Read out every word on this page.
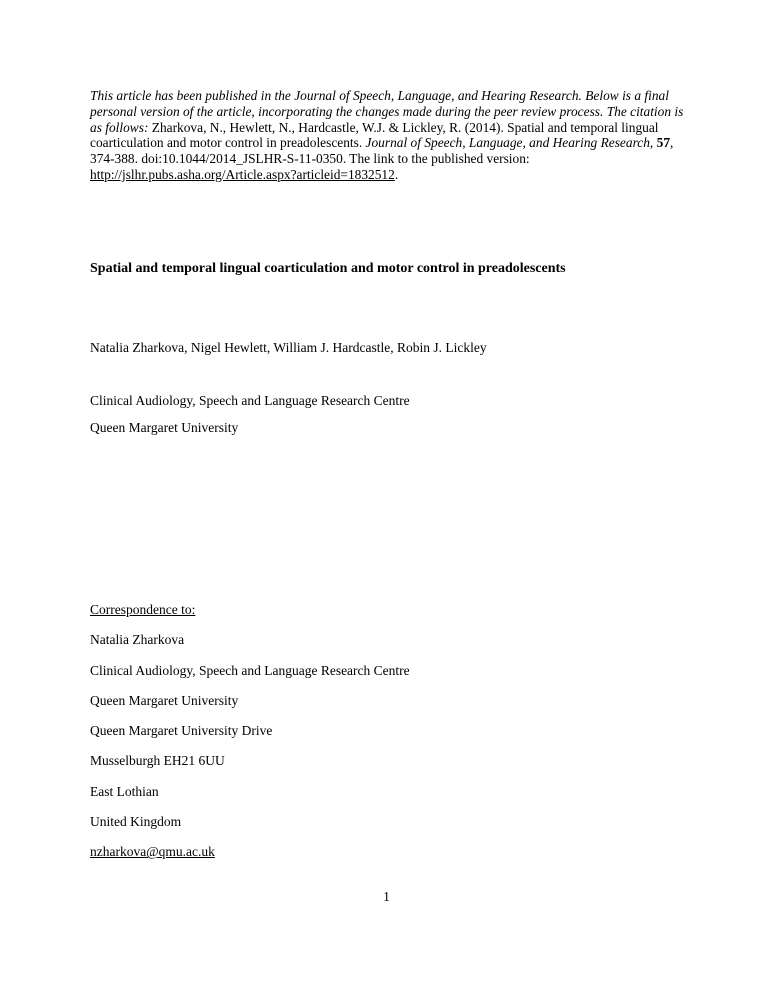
This article has been published in the Journal of Speech, Language, and Hearing Research. Below is a final personal version of the article, incorporating the changes made during the peer review process. The citation is as follows: Zharkova, N., Hewlett, N., Hardcastle, W.J. & Lickley, R. (2014). Spatial and temporal lingual coarticulation and motor control in preadolescents. Journal of Speech, Language, and Hearing Research, 57, 374-388. doi:10.1044/2014_JSLHR-S-11-0350. The link to the published version: http://jslhr.pubs.asha.org/Article.aspx?articleid=1832512.

Spatial and temporal lingual coarticulation and motor control in preadolescents

Natalia Zharkova, Nigel Hewlett, William J. Hardcastle, Robin J. Lickley

Clinical Audiology, Speech and Language Research Centre

Queen Margaret University

Correspondence to:

Natalia Zharkova

Clinical Audiology, Speech and Language Research Centre

Queen Margaret University

Queen Margaret University Drive

Musselburgh EH21 6UU

East Lothian

United Kingdom

nzharkova@qmu.ac.uk

1
